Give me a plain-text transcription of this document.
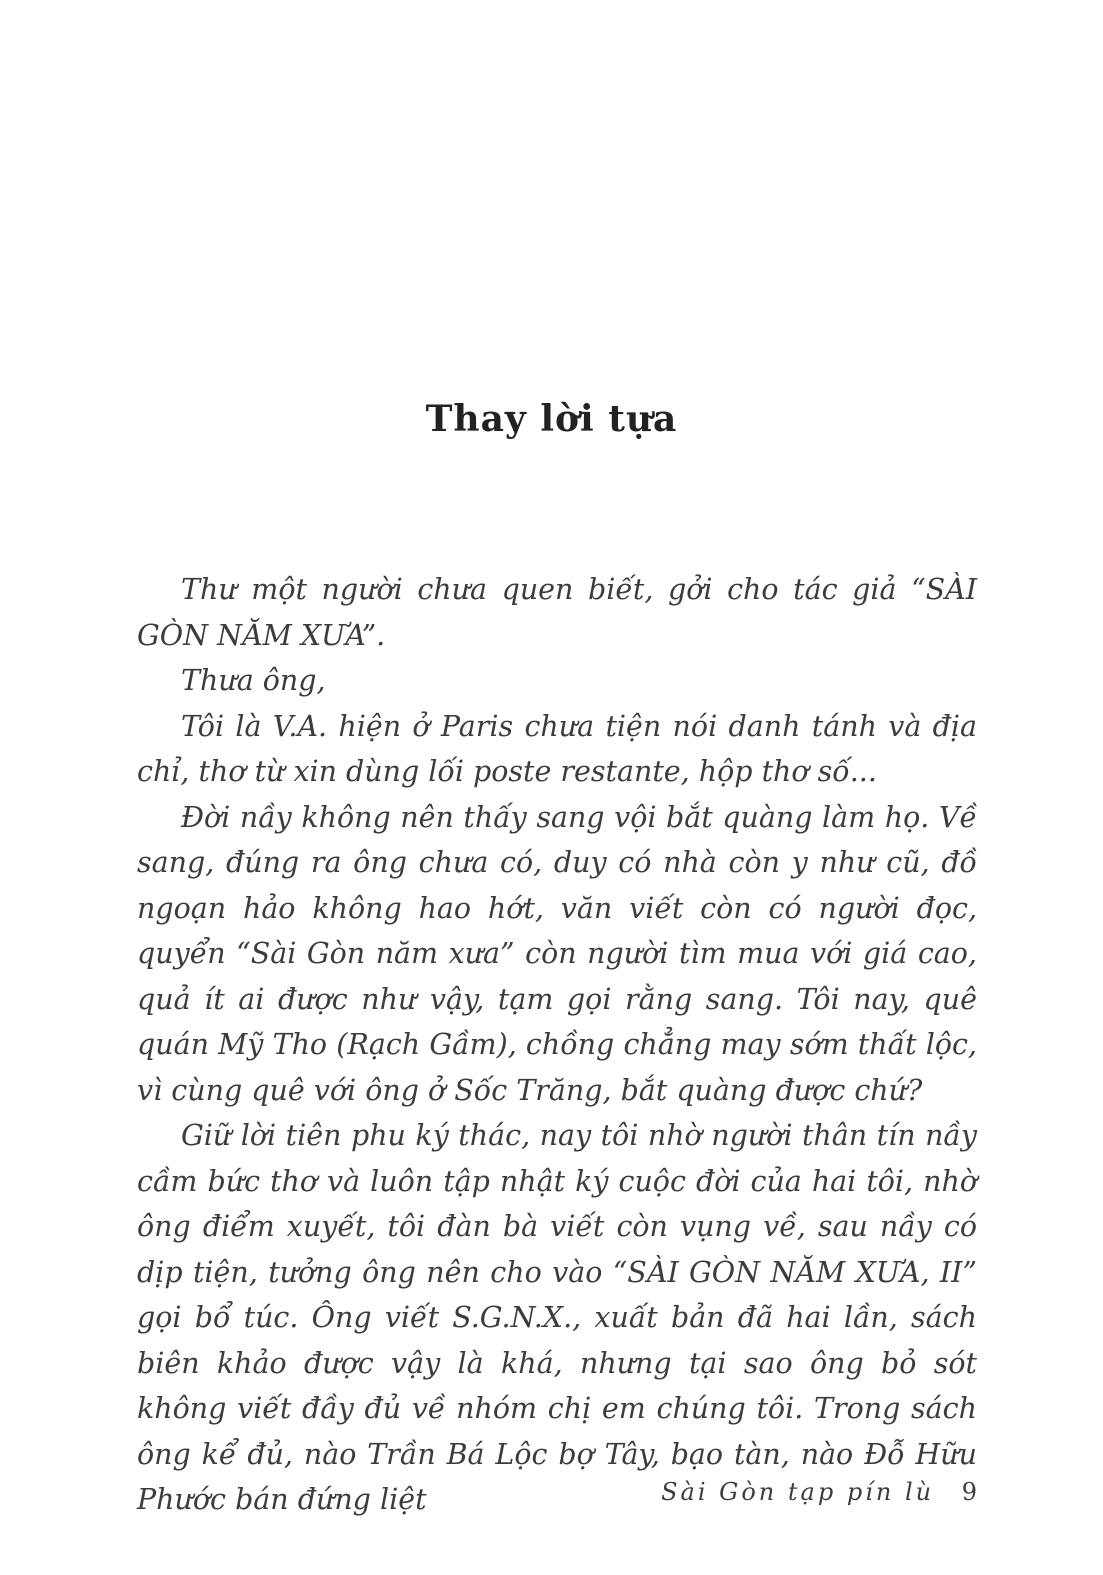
Thay lời tựa

Thư một người chưa quen biết, gởi cho tác giả “SÀI GÒN NĂM XƯA”.

Thưa ông,

Tôi là V.A. hiện ở Paris chưa tiện nói danh tánh và địa chỉ, thơ từ xin dùng lối poste restante, hộp thơ số...

Đời nầy không nên thấy sang vội bắt quàng làm họ. Về sang, đúng ra ông chưa có, duy có nhà còn y như cũ, đồ ngoạn hảo không hao hớt, văn viết còn có người đọc, quyển “Sài Gòn năm xưa” còn người tìm mua với giá cao, quả ít ai được như vậy, tạm gọi rằng sang. Tôi nay, quê quán Mỹ Tho (Rạch Gầm), chồng chẳng may sớm thất lộc, vì cùng quê với ông ở Sốc Trăng, bắt quàng được chứ?

Giữ lời tiên phu ký thác, nay tôi nhờ người thân tín nầy cầm bức thơ và luôn tập nhật ký cuộc đời của hai tôi, nhờ ông điểm xuyết, tôi đàn bà viết còn vụng về, sau nầy có dịp tiện, tưởng ông nên cho vào “SÀI GÒN NĂM XƯA, II” gọi bổ túc. Ông viết S.G.N.X., xuất bản đã hai lần, sách biên khảo được vậy là khá, nhưng tại sao ông bỏ sót không viết đầy đủ về nhóm chị em chúng tôi. Trong sách ông kể đủ, nào Trần Bá Lộc bợ Tây, bạo tàn, nào Đỗ Hữu Phước bán đứng liệt	Sài Gòn tạp pín lù 9
